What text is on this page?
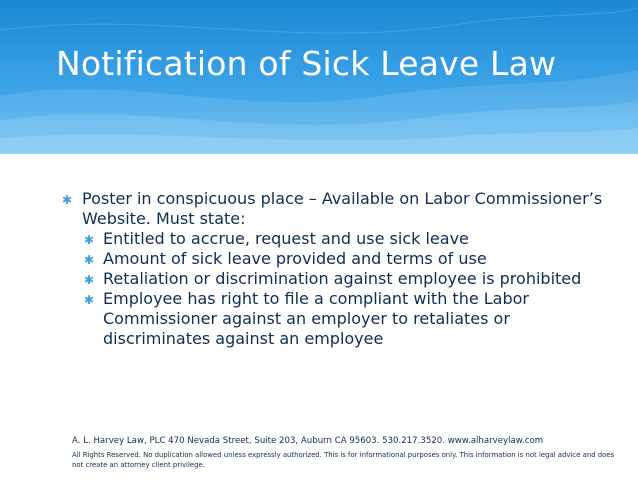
Notification of Sick Leave Law
✱ Poster in conspicuous place – Available on Labor Commissioner’s Website. Must state:
✱ Entitled to accrue, request and use sick leave
✱ Amount of sick leave provided and terms of use
✱ Retaliation or discrimination against employee is prohibited
✱ Employee has right to file a compliant with the Labor Commissioner against an employer to retaliates or discriminates against an employee
A. L. Harvey Law, PLC 470 Nevada Street, Suite 203, Auburn CA 95603. 530.217.3520. www.alharveylaw.com
All Rights Reserved. No duplication allowed unless expressly authorized. This is for informational purposes only. This information is not legal advice and does not create an attorney client privilege.
